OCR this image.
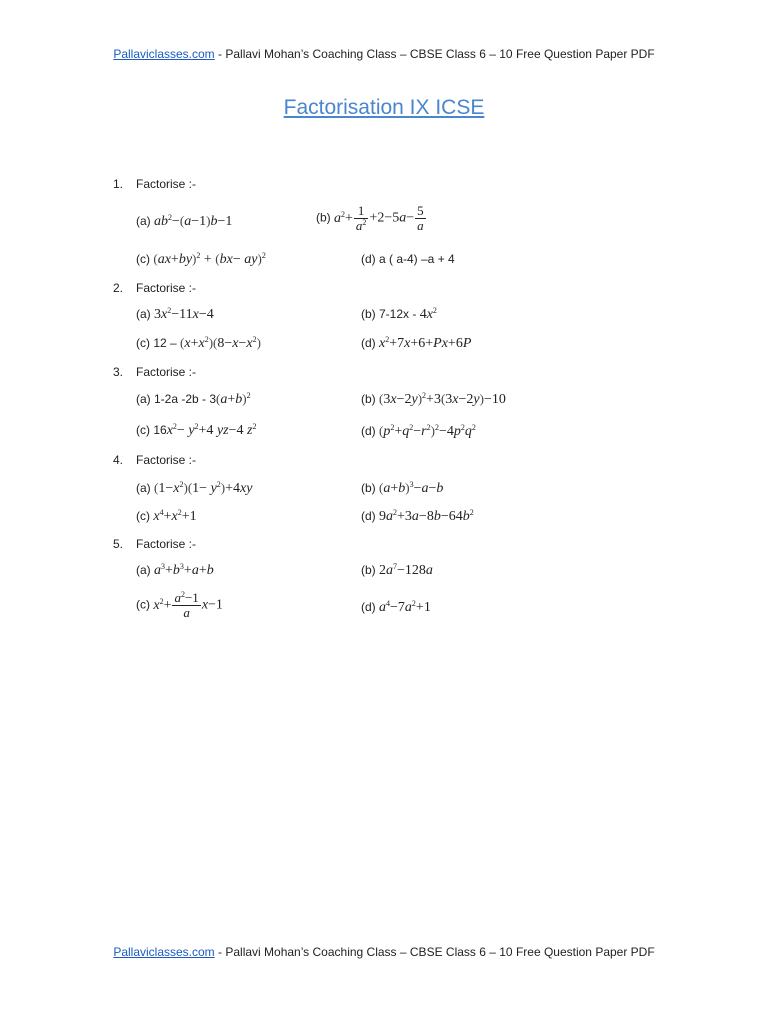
Pallaviclasses.com - Pallavi Mohan’s Coaching Class – CBSE Class 6 – 10 Free Question Paper PDF
Factorisation IX ICSE
1. Factorise :-
(a) $ab^2-(a-1)b-1$	(b) $a^2+ \frac{1}{a^2} +2-5a- \frac{5}{a}$
(c) $(ax+by)^2 + (bx- ay)^2$	(d) a ( a-4) –a + 4
2. Factorise :-
(a) $3x^2-11x-4$	(b) $7-12x - 4x^2$
(c) $12 - (x+x^2)(8-x-x^2)$	(d) $x^2+7x+6+Px+6P$
3. Factorise :-
(a) 1-2a $-2b - 3(a+b)^2$	(b) $(3x-2y)^2+3(3x-2y)-10$
(c) $16x^2- y^2+4$ yz−4 $z^2$	(d) $(p^2+q^2-r^2)^2-4p^2q^2$
4. Factorise :-
(a) $(1-x^2)(1- y^2)+4xy$	(b) $(a+b)^3-a-b$
(c) $x^4+x^2+1$	(d) $9a^2+3a-8b-64b^2$
5. Factorise :-
(a) $a^3+b^3+a+b$	(b) $2a^7-128a$
(c) $x^2+ \frac{a^2-1}{a} x-1$	(d) $a^4-7a^2+1$
Pallaviclasses.com - Pallavi Mohan’s Coaching Class – CBSE Class 6 – 10 Free Question Paper PDF
